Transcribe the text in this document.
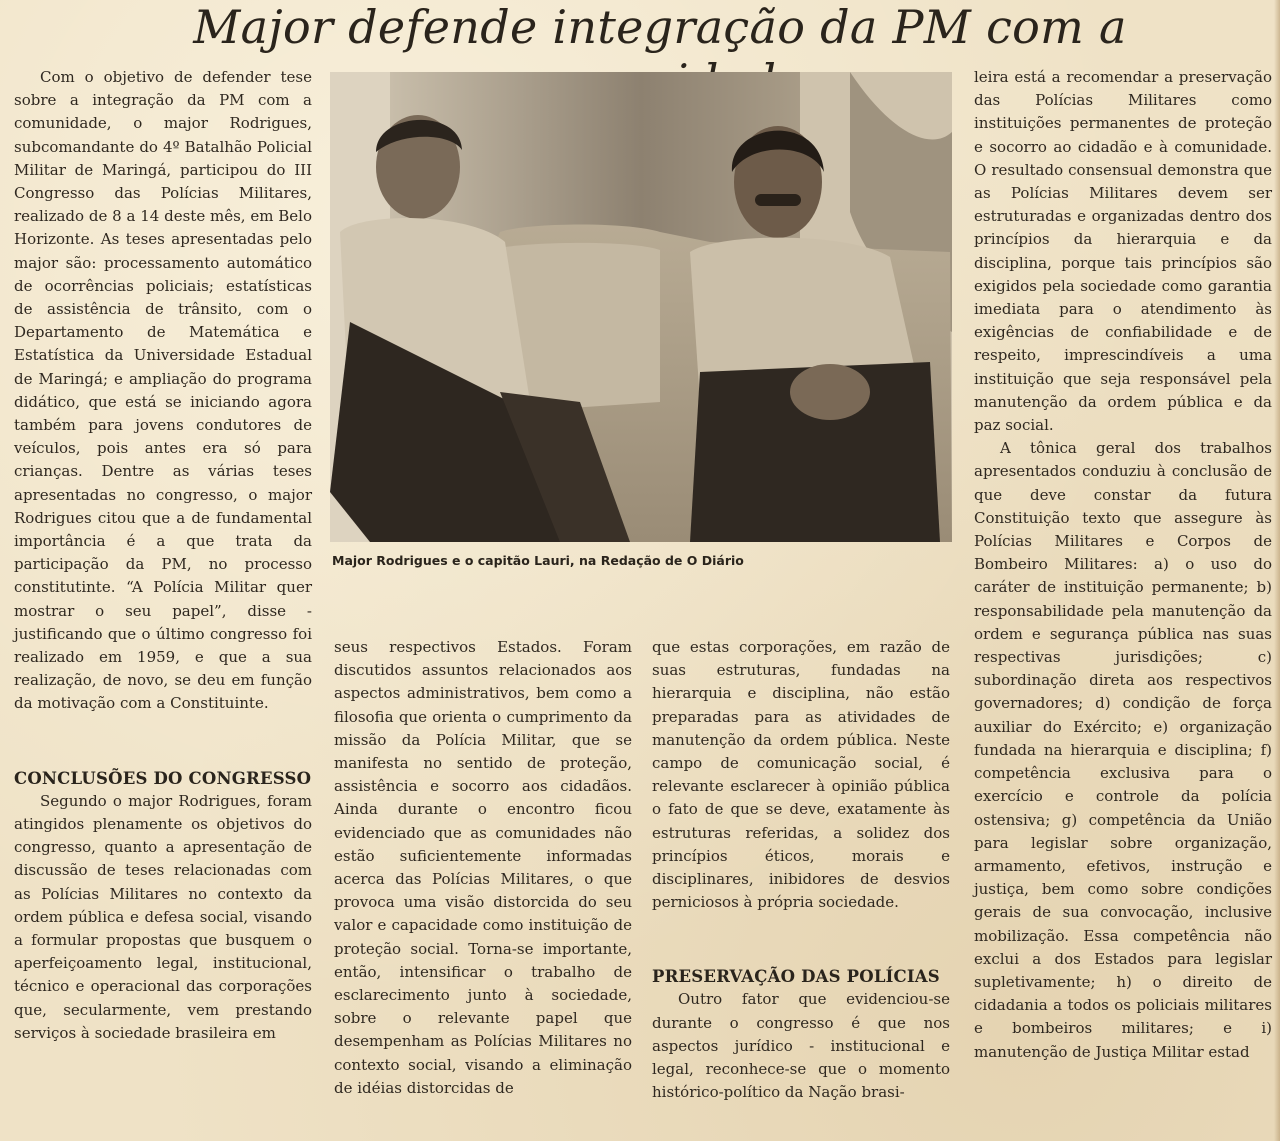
Major defende integração da PM com a

Com o objetivo de defender tese sobre a integração da PM com a comunidade, o major Rodrigues, subcomandante do 4º Batalhão Policial Militar de Maringá, participou do III Congresso das Polícias Militares, realizado de 8 a 14 deste mês, em Belo Horizonte. As teses apresentadas pelo major são: processamento automático de ocorrências policiais; estatísticas de assistência de trânsito, com o Departamento de Matemática e Estatística da Universidade Estadual de Maringá; e ampliação do programa didático, que está se iniciando agora também para jovens condutores de veículos, pois antes era só para crianças. Dentre as várias teses apresentadas no congresso, o major Rodrigues citou que a de fundamental importância é a que trata da participação da PM, no processo constitutinte. “A Polícia Militar quer mostrar o seu papel”, disse - justificando que o último congresso foi realizado em 1959, e que a sua realização, de novo, se deu em função da motivação com a Constituinte.

CONCLUSÕES DO CONGRESSO

Segundo o major Rodrigues, foram atingidos plenamente os objetivos do congresso, quanto a apresentação de discussão de teses relacionadas com as Polícias Militares no contexto da ordem pública e defesa social, visando a formular propostas que busquem o aperfeiçoamento legal, institucional, técnico e operacional das corporações que, secularmente, vem prestando serviços à sociedade brasileira em

Major Rodrigues e o capitão Lauri, na Redação de O Diário

seus respectivos Estados. Foram discutidos assuntos relacionados aos aspectos administrativos, bem como a filosofia que orienta o cumprimento da missão da Polícia Militar, que se manifesta no sentido de proteção, assistência e socorro aos cidadãos. Ainda durante o encontro ficou evidenciado que as comunidades não estão suficientemente informadas acerca das Polícias Militares, o que provoca uma visão distorcida do seu valor e capacidade como instituição de proteção social. Torna-se importante, então, intensificar o trabalho de esclarecimento junto à sociedade, sobre o relevante papel que desempenham as Polícias Militares no contexto social, visando a eliminação de idéias distorcidas de

que estas corporações, em razão de suas estruturas, fundadas na hierarquia e disciplina, não estão preparadas para as atividades de manutenção da ordem pública. Neste campo de comunicação social, é relevante esclarecer à opinião pública o fato de que se deve, exatamente às estruturas referidas, a solidez dos princípios éticos, morais e disciplinares, inibidores de desvios perniciosos à própria sociedade.

PRESERVAÇÃO DAS POLÍCIAS

Outro fator que evidenciou-se durante o congresso é que nos aspectos jurídico - institucional e legal, reconhece-se que o momento histórico-político da Nação brasi-

leira está a recomendar a preservação das Polícias Militares como instituições permanentes de proteção e socorro ao cidadão e à comunidade. O resultado consensual demonstra que as Polícias Militares devem ser estruturadas e organizadas dentro dos princípios da hierarquia e da disciplina, porque tais princípios são exigidos pela sociedade como garantia imediata para o atendimento às exigências de confiabilidade e de respeito, imprescindíveis a uma instituição que seja responsável pela manutenção da ordem pública e da paz social.

A tônica geral dos trabalhos apresentados conduziu à conclusão de que deve constar da futura Constituição texto que assegure às Polícias Militares e Corpos de Bombeiro Militares: a) o uso do caráter de instituição permanente; b) responsabilidade pela manutenção da ordem e segurança pública nas suas respectivas jurisdições; c) subordinação direta aos respectivos governadores; d) condição de força auxiliar do Exército; e) organização fundada na hierarquia e disciplina; f) competência exclusiva para o exercício e controle da polícia ostensiva; g) competência da União para legislar sobre organização, armamento, efetivos, instrução e justiça, bem como sobre condições gerais de sua convocação, inclusive mobilização. Essa competência não exclui a dos Estados para legislar supletivamente; h) o direito de cidadania a todos os policiais militares e bombeiros militares; e i) manutenção de Justiça Militar estad
